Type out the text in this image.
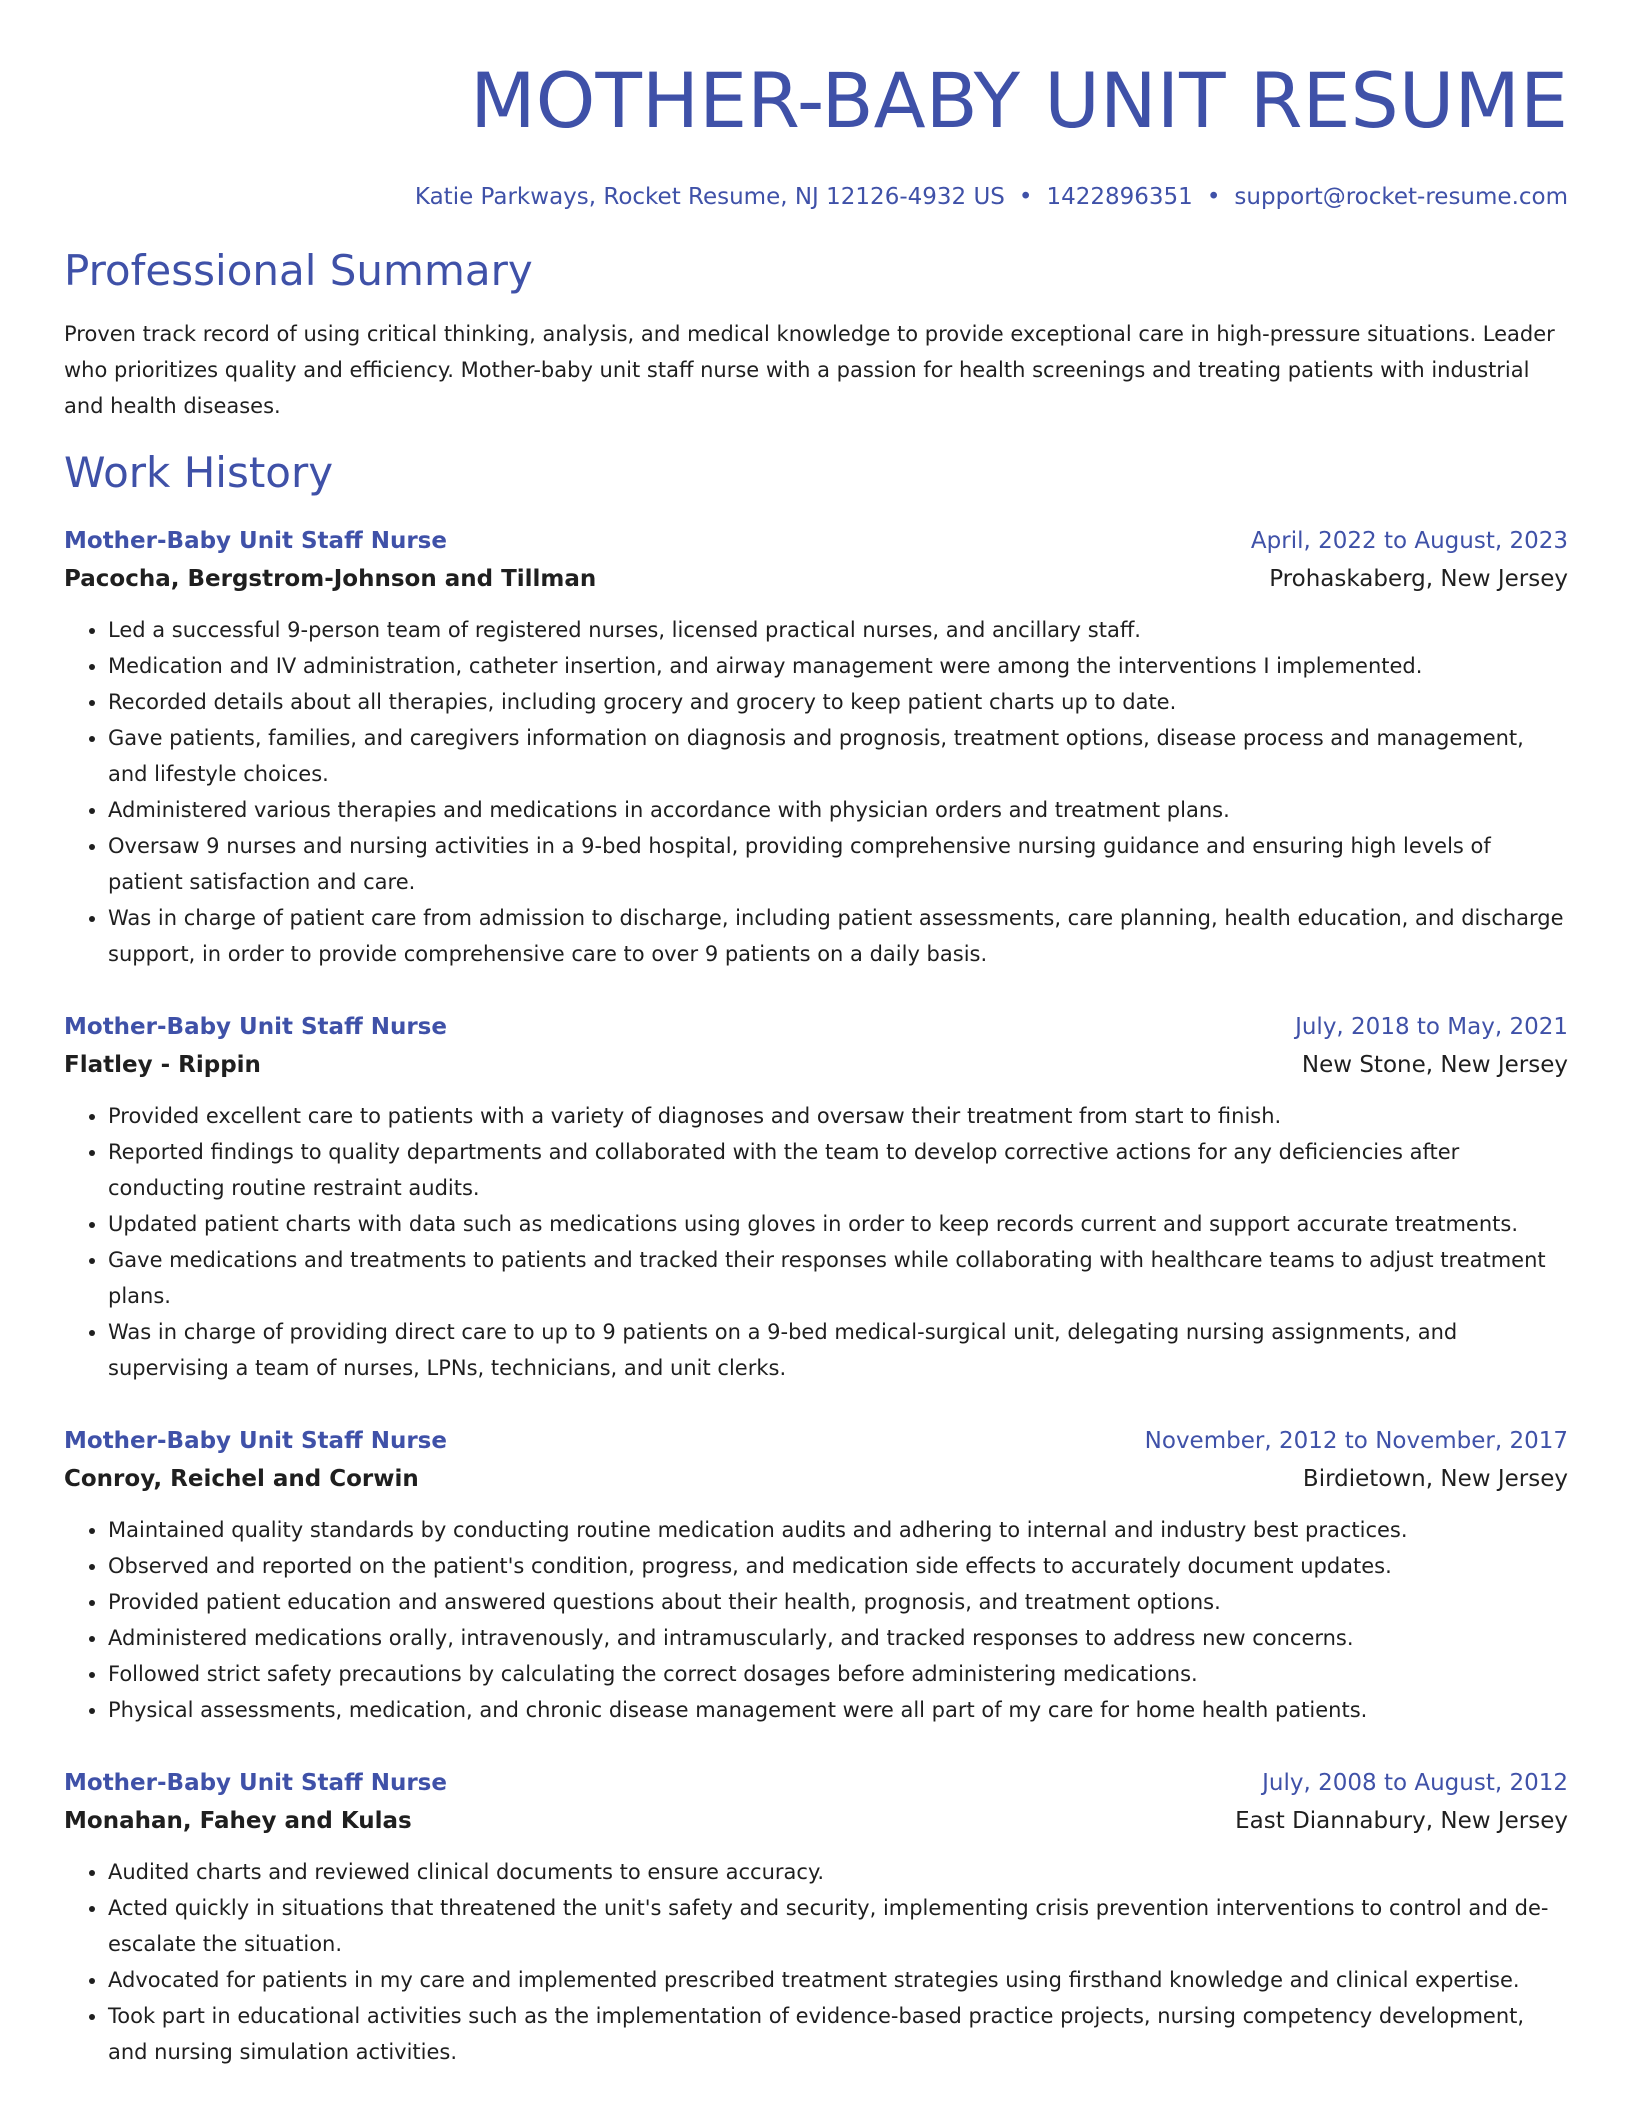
MOTHER-BABY UNIT RESUME
Katie Parkways, Rocket Resume, NJ 12126-4932 US • 1422896351 • support@rocket-resume.com
Professional Summary
Proven track record of using critical thinking, analysis, and medical knowledge to provide exceptional care in high-pressure situations. Leader who prioritizes quality and efficiency. Mother-baby unit staff nurse with a passion for health screenings and treating patients with industrial and health diseases.
Work History
Mother-Baby Unit Staff Nurse	April, 2022 to August, 2023
Pacocha, Bergstrom-Johnson and Tillman	Prohaskaberg, New Jersey
• Led a successful 9-person team of registered nurses, licensed practical nurses, and ancillary staff.
• Medication and IV administration, catheter insertion, and airway management were among the interventions I implemented.
• Recorded details about all therapies, including grocery and grocery to keep patient charts up to date.
• Gave patients, families, and caregivers information on diagnosis and prognosis, treatment options, disease process and management, and lifestyle choices.
• Administered various therapies and medications in accordance with physician orders and treatment plans.
• Oversaw 9 nurses and nursing activities in a 9-bed hospital, providing comprehensive nursing guidance and ensuring high levels of patient satisfaction and care.
• Was in charge of patient care from admission to discharge, including patient assessments, care planning, health education, and discharge support, in order to provide comprehensive care to over 9 patients on a daily basis.
Mother-Baby Unit Staff Nurse	July, 2018 to May, 2021
Flatley - Rippin	New Stone, New Jersey
• Provided excellent care to patients with a variety of diagnoses and oversaw their treatment from start to finish.
• Reported findings to quality departments and collaborated with the team to develop corrective actions for any deficiencies after conducting routine restraint audits.
• Updated patient charts with data such as medications using gloves in order to keep records current and support accurate treatments.
• Gave medications and treatments to patients and tracked their responses while collaborating with healthcare teams to adjust treatment plans.
• Was in charge of providing direct care to up to 9 patients on a 9-bed medical-surgical unit, delegating nursing assignments, and supervising a team of nurses, LPNs, technicians, and unit clerks.
Mother-Baby Unit Staff Nurse	November, 2012 to November, 2017
Conroy, Reichel and Corwin	Birdietown, New Jersey
• Maintained quality standards by conducting routine medication audits and adhering to internal and industry best practices.
• Observed and reported on the patient's condition, progress, and medication side effects to accurately document updates.
• Provided patient education and answered questions about their health, prognosis, and treatment options.
• Administered medications orally, intravenously, and intramuscularly, and tracked responses to address new concerns.
• Followed strict safety precautions by calculating the correct dosages before administering medications.
• Physical assessments, medication, and chronic disease management were all part of my care for home health patients.
Mother-Baby Unit Staff Nurse	July, 2008 to August, 2012
Monahan, Fahey and Kulas	East Diannabury, New Jersey
• Audited charts and reviewed clinical documents to ensure accuracy.
• Acted quickly in situations that threatened the unit's safety and security, implementing crisis prevention interventions to control and de-escalate the situation.
• Advocated for patients in my care and implemented prescribed treatment strategies using firsthand knowledge and clinical expertise.
• Took part in educational activities such as the implementation of evidence-based practice projects, nursing competency development, and nursing simulation activities.
